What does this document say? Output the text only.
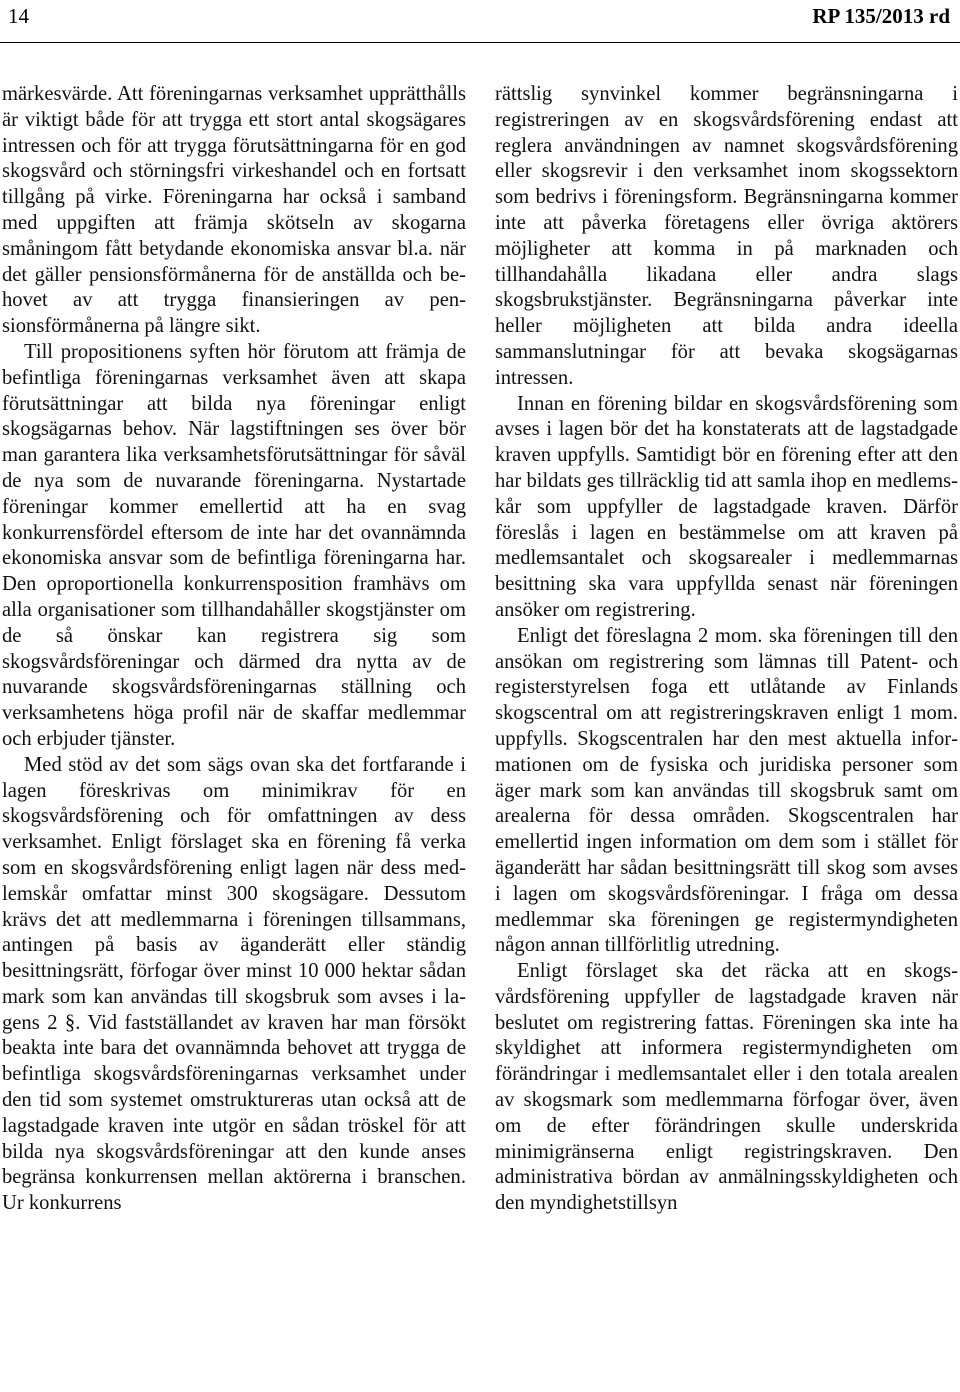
14	RP 135/2013 rd

märkesvärde. Att föreningarnas verksamhet upprätthålls är viktigt både för att trygga ett stort antal skogsägares intressen och för att trygga förutsättningarna för en god skogsvård och störningsfri virkeshandel och en fortsatt tillgång på virke. Föreningarna har också i samband med uppgiften att främja skötseln av skogarna småningom fått betydande ekonomiska ansvar bl.a. när det gäller pensionsförmånerna för de anställda och behovet av att trygga finansieringen av pensionsförmånerna på längre sikt.

Till propositionens syften hör förutom att främja de befintliga föreningarnas verksamhet även att skapa förutsättningar att bilda nya föreningar enligt skogsägarnas behov. När lagstiftningen ses över bör man garantera lika verksamhetsförutsättningar för såväl de nya som de nuvarande föreningarna. Nystartade föreningar kommer emellertid att ha en svag konkurrensfördel eftersom de inte har det ovannämnda ekonomiska ansvar som de befintliga föreningarna har. Den oproportionella konkurrensposition framhävs om alla organisationer som tillhandahåller skogstjänster om de så önskar kan registrera sig som skogsvårdsföreningar och därmed dra nytta av de nuvarande skogsvårdsföreningarnas ställning och verksamhetens höga profil när de skaffar medlemmar och erbjuder tjänster.

Med stöd av det som sägs ovan ska det fortfarande i lagen föreskrivas om minimikrav för en skogsvårdsförening och för omfattningen av dess verksamhet. Enligt förslaget ska en förening få verka som en skogsvårdsförening enligt lagen när dess medlemskår omfattar minst 300 skogsägare. Dessutom krävs det att medlemmarna i föreningen tillsammans, antingen på basis av äganderätt eller ständig besittningsrätt, förfogar över minst 10 000 hektar sådan mark som kan användas till skogsbruk som avses i lagens 2 §. Vid fastställandet av kraven har man försökt beakta inte bara det ovannämnda behovet att trygga de befintliga skogsvårdsföreningarnas verksamhet under den tid som systemet omstruktureras utan också att de lagstadgade kraven inte utgör en sådan tröskel för att bilda nya skogsvårdsföreningar att den kunde anses begränsa konkurrensen mellan aktörerna i branschen. Ur konkurrens

rättslig synvinkel kommer begränsningarna i registreringen av en skogsvårdsförening endast att reglera användningen av namnet skogsvårdsförening eller skogsrevir i den verksamhet inom skogssektorn som bedrivs i föreningsform. Begränsningarna kommer inte att påverka företagens eller övriga aktörers möjligheter att komma in på marknaden och tillhandahålla likadana eller andra slags skogsbrukstjänster. Begränsningarna påverkar inte heller möjligheten att bilda andra ideella sammanslutningar för att bevaka skogsägarnas intressen.

Innan en förening bildar en skogsvårdsförening som avses i lagen bör det ha konstaterats att de lagstadgade kraven uppfylls. Samtidigt bör en förening efter att den har bildats ges tillräcklig tid att samla ihop en medlemskår som uppfyller de lagstadgade kraven. Därför föreslås i lagen en bestämmelse om att kraven på medlemsantalet och skogsarealer i medlemmarnas besittning ska vara uppfyllda senast när föreningen ansöker om registrering.

Enligt det föreslagna 2 mom. ska föreningen till den ansökan om registrering som lämnas till Patent- och registerstyrelsen foga ett utlåtande av Finlands skogscentral om att registreringskraven enligt 1 mom. uppfylls. Skogscentralen har den mest aktuella informationen om de fysiska och juridiska personer som äger mark som kan användas till skogsbruk samt om arealerna för dessa områden. Skogscentralen har emellertid ingen information om dem som i stället för äganderätt har sådan besittningsrätt till skog som avses i lagen om skogsvårdsföreningar. I fråga om dessa medlemmar ska föreningen ge registermyndigheten någon annan tillförlitlig utredning.

Enligt förslaget ska det räcka att en skogsvårdsförening uppfyller de lagstadgade kraven när beslutet om registrering fattas. Föreningen ska inte ha skyldighet att informera registermyndigheten om förändringar i medlemsantalet eller i den totala arealen av skogsmark som medlemmarna förfogar över, även om de efter förändringen skulle underskrida minimigränserna enligt registringskraven. Den administrativa bördan av anmälningsskyldigheten och den myndighetstillsyn
